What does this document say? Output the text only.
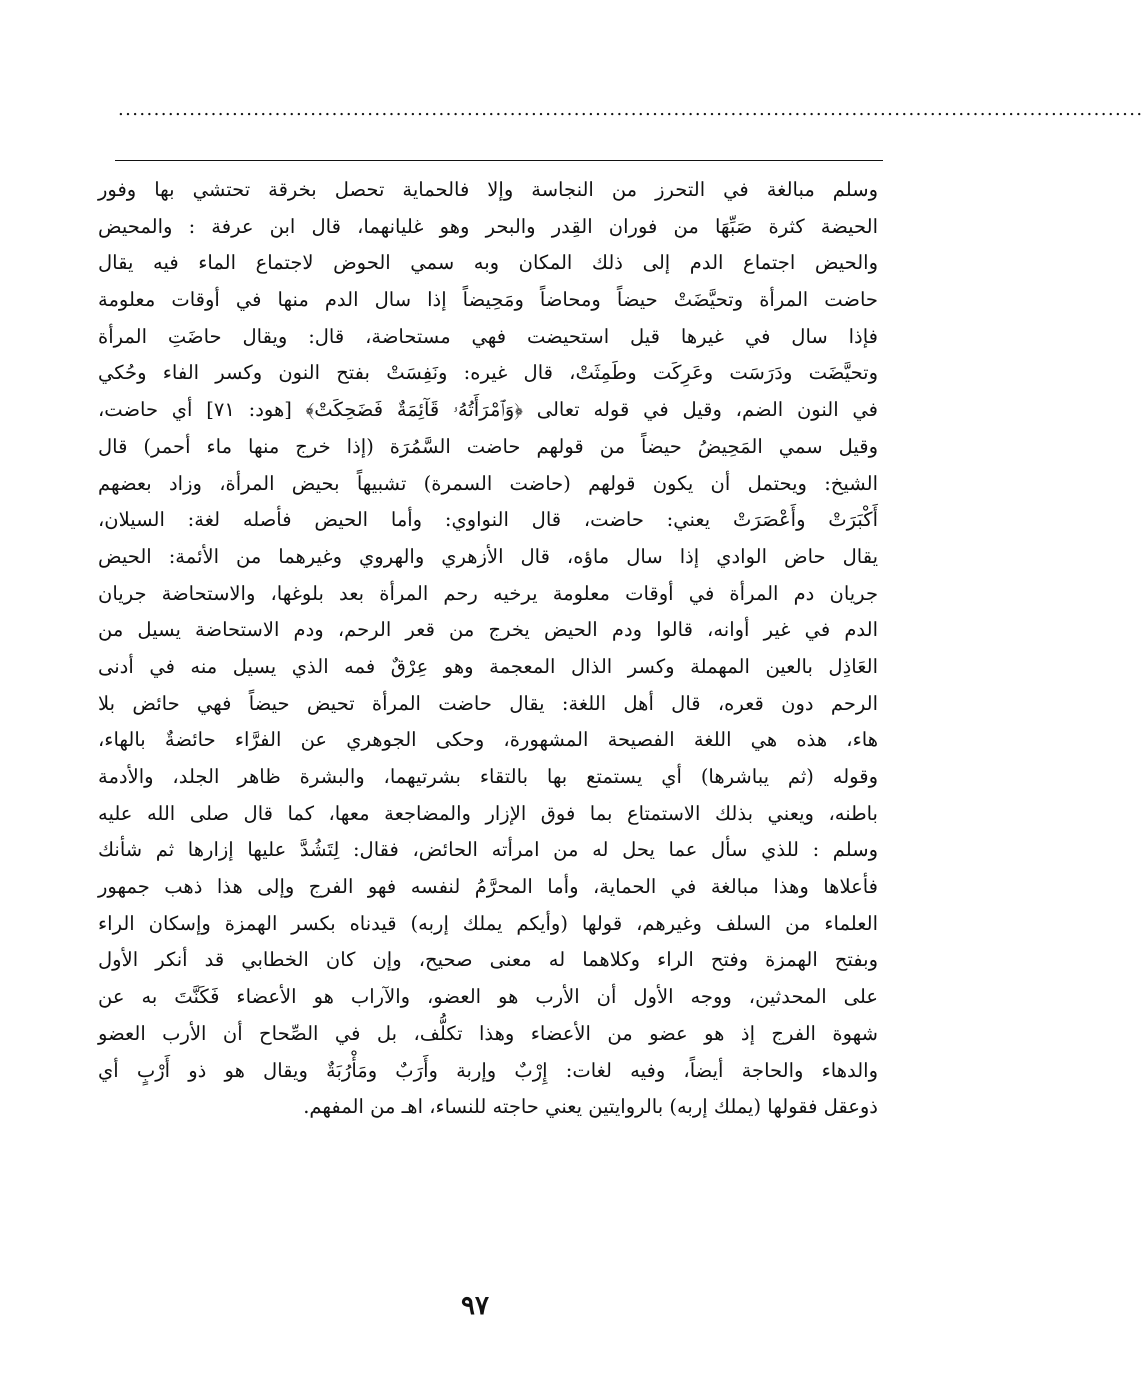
................................................................................................................................................
وسلم مبالغة في التحرز من النجاسة وإلا فالحماية تحصل بخرقة تحتشي بها وفور
الحيضة كثرة صَبِّهَا من فوران القِدر والبحر وهو غليانهما، قال ابن عرفة : والمحيض
والحيض اجتماع الدم إلى ذلك المكان وبه سمي الحوض لاجتماع الماء فيه يقال
حاضت المرأة وتحيَّضَتْ حيضاً ومحاضاً ومَحِيضاً إذا سال الدم منها في أوقات معلومة
فإذا سال في غيرها قيل استحيضت فهي مستحاضة، قال: ويقال حاضَتِ المرأة
وتحيَّضَت ودَرَسَت وعَرِكَت وطَمِثَتْ، قال غيره: ونَفِسَتْ بفتح النون وكسر الفاء وحُكي
في النون الضم، وقيل في قوله تعالى ﴿وَٱمْرَأَتُهُۥ قَآئِمَةٌ فَضَحِكَتْ﴾ [هود: ٧١] أي حاضت،
وقيل سمي المَحِيضُ حيضاً من قولهم حاضت السَّمُرَة (إذا خرج منها ماء أحمر) قال
الشيخ: ويحتمل أن يكون قولهم (حاضت السمرة) تشبيهاً بحيض المرأة، وزاد بعضهم
أَكْبَرَتْ وأَعْصَرَتْ يعني: حاضت، قال النواوي: وأما الحيض فأصله لغة: السيلان،
يقال حاض الوادي إذا سال ماؤه، قال الأزهري والهروي وغيرهما من الأئمة: الحيض
جريان دم المرأة في أوقات معلومة يرخيه رحم المرأة بعد بلوغها، والاستحاضة جريان
الدم في غير أوانه، قالوا ودم الحيض يخرج من قعر الرحم، ودم الاستحاضة يسيل من
العَاذِل بالعين المهملة وكسر الذال المعجمة وهو عِرْقٌ فمه الذي يسيل منه في أدنى
الرحم دون قعره، قال أهل اللغة: يقال حاضت المرأة تحيض حيضاً فهي حائض بلا
هاء، هذه هي اللغة الفصيحة المشهورة، وحكى الجوهري عن الفرَّاء حائضةٌ بالهاء،
وقوله (ثم يباشرها) أي يستمتع بها بالتقاء بشرتيهما، والبشرة ظاهر الجلد، والأدمة
باطنه، ويعني بذلك الاستمتاع بما فوق الإزار والمضاجعة معها، كما قال صلى الله عليه
وسلم : للذي سأل عما يحل له من امرأته الحائض، فقال: لِتَشُدَّ عليها إزارها ثم شأنك
فأعلاها وهذا مبالغة في الحماية، وأما المحرَّمُ لنفسه فهو الفرج وإلى هذا ذهب جمهور
العلماء من السلف وغيرهم، قولها (وأيكم يملك إربه) قيدناه بكسر الهمزة وإسكان الراء
وبفتح الهمزة وفتح الراء وكلاهما له معنى صحيح، وإن كان الخطابي قد أنكر الأول
على المحدثين، ووجه الأول أن الأرب هو العضو، والآراب هو الأعضاء فَكَنَّتَ به عن
شهوة الفرج إذ هو عضو من الأعضاء وهذا تكلُّف، بل في الصِّحاح أن الأرب العضو
والدهاء والحاجة أيضاً، وفيه لغات: إِرْبٌ وإربة وأَرَبٌ ومَأْرُبَةٌ ويقال هو ذو أَرْبٍ أي
ذوعقل فقولها (يملك إربه) بالروايتين يعني حاجته للنساء، اهـ من المفهم.
٩٧
